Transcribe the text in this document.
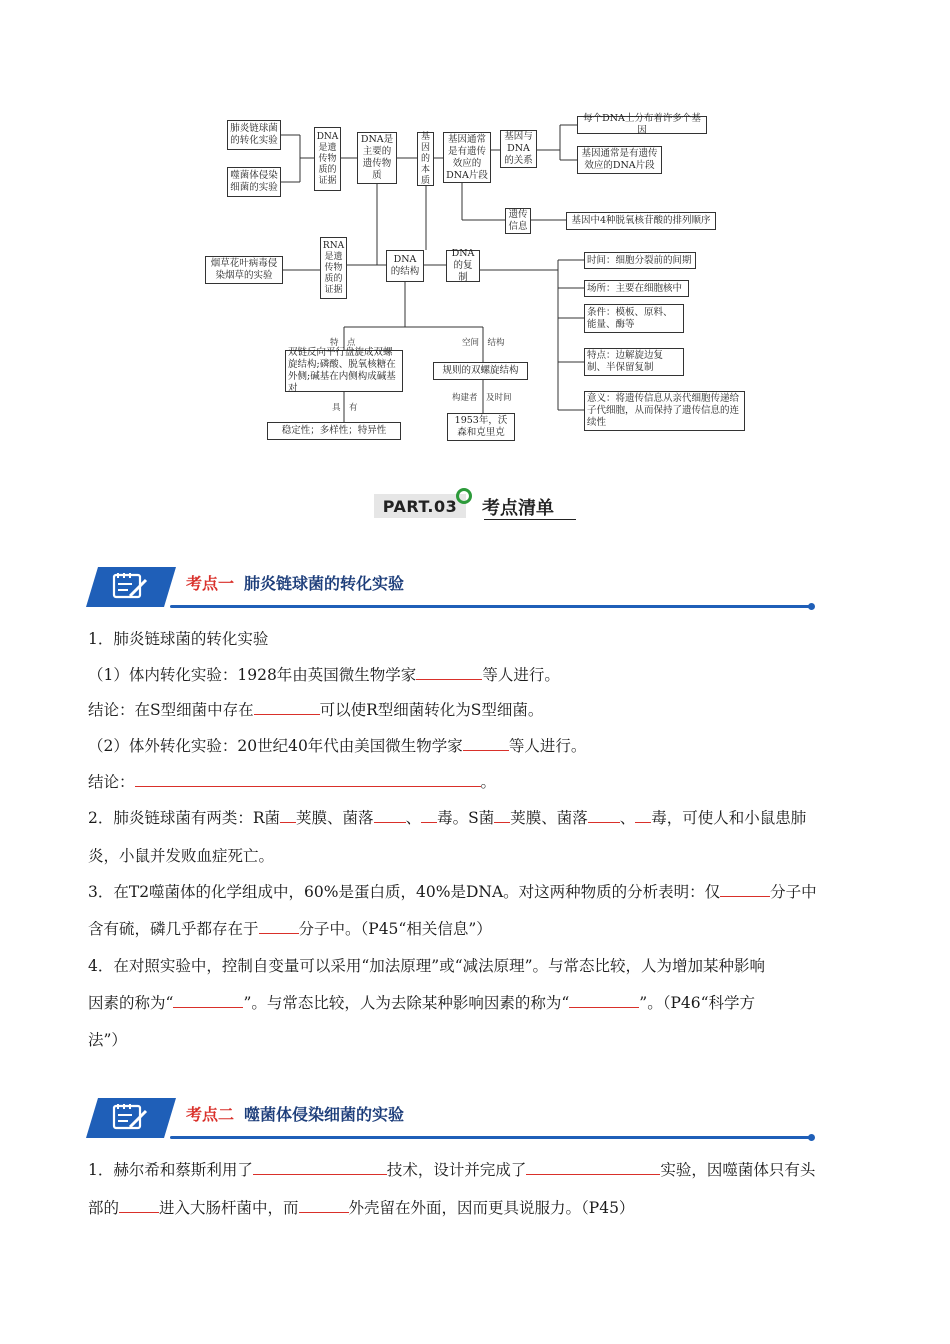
肺炎链球菌的转化实验
噬菌体侵染细菌的实验
DNA是遗传物质的证据
DNA是主要的遗传物质
基因的本质
基因通常是有遗传效应的DNA片段
基因与DNA的关系
每个DNA上分布着许多个基因
基因通常是有遗传效应的DNA片段
遗传信息
基因中4种脱氧核苷酸的排列顺序
烟草花叶病毒侵染烟草的实验
RNA是遗传物质的证据
DNA的结构
DNA的复制
时间：细胞分裂前的间期
场所：主要在细胞核中
条件：模板、原料、能量、酶等
特点：边解旋边复制、半保留复制
意义：将遗传信息从亲代细胞传递给子代细胞，从而保持了遗传信息的连续性
特　点	空间　结构
双链反向平行盘旋成双螺旋结构;磷酸、脱氧核糖在外侧;碱基在内侧构成碱基对
规则的双螺旋结构
具　有
构建者　及时间
稳定性；多样性；特异性
1953年，沃森和克里克
PART.03	考点清单
考点一 肺炎链球菌的转化实验
1．肺炎链球菌的转化实验
（1）体内转化实验：1928年由英国微生物学家	等人进行。
结论：在S型细菌中存在	可以使R型细菌转化为S型细菌。
（2）体外转化实验：20世纪40年代由美国微生物学家	等人进行。
结论：	。
2．肺炎链球菌有两类：R菌 荚膜、菌落 、 毒。S菌 荚膜、菌落 、 毒，可使人和小鼠患肺
炎，小鼠并发败血症死亡。
3．在T2噬菌体的化学组成中，60%是蛋白质，40%是DNA。对这两种物质的分析表明：仅	分子中
含有硫，磷几乎都存在于	分子中。（P45“相关信息”）
4．在对照实验中，控制自变量可以采用“加法原理”或“减法原理”。与常态比较，人为增加某种影响
因素的称为“	”。与常态比较，人为去除某种影响因素的称为“	”。（P46“科学方
法”）
考点二 噬菌体侵染细菌的实验
1．赫尔希和蔡斯利用了	技术，设计并完成了	实验，因噬菌体只有头
部的	进入大肠杆菌中，而	外壳留在外面，因而更具说服力。（P45）
